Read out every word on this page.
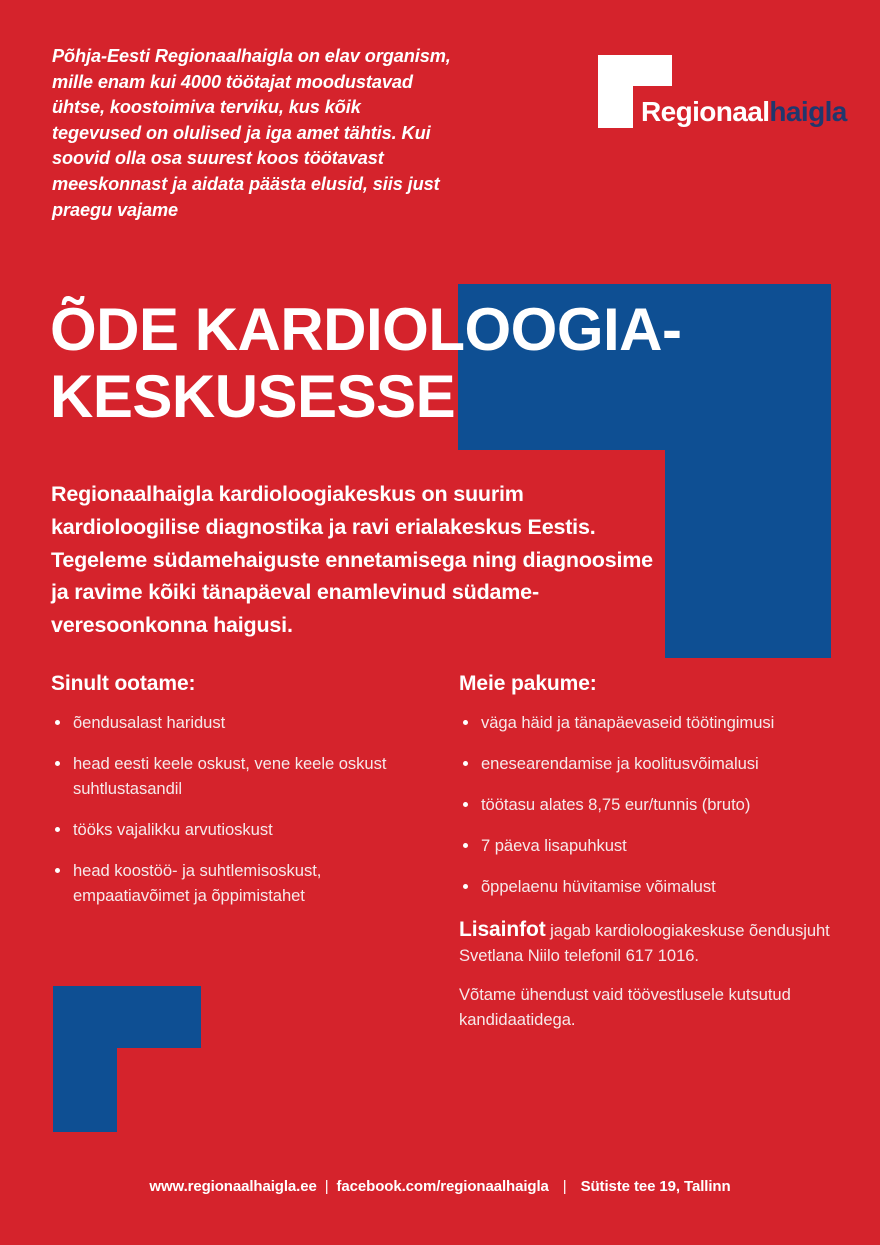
Põhja-Eesti Regionaalhaigla on elav organism, mille enam kui 4000 töötajat moodustavad ühtse, koostoimiva terviku, kus kõik tegevused on olulised ja iga amet tähtis. Kui soovid olla osa suurest koos töötavast meeskonnast ja aidata päästa elusid, siis just praegu vajame
Regionaalhaigla
ÕDE KARDIOLOOGIA-
KESKUSESSE
Regionaalhaigla kardioloogiakeskus on suurim kardioloogilise diagnostika ja ravi erialakeskus Eestis. Tegeleme südamehaiguste ennetamisega ning diagnoosime ja ravime kõiki tänapäeval enamlevinud südame-veresoonkonna haigusi.
Sinult ootame:
õendusalast haridust
head eesti keele oskust, vene keele oskust suhtlustasandil
tööks vajalikku arvutioskust
head koostöö- ja suhtlemisoskust, empaatiavõimet ja õppimistahet
Meie pakume:
väga häid ja tänapäevaseid töötingimusi
enesearendamise ja koolitusvõimalusi
töötasu alates 8,75 eur/tunnis (bruto)
7 päeva lisapuhkust
õppelaenu hüvitamise võimalust

Lisainfot jagab kardioloogiakeskuse õendusjuht Svetlana Niilo telefonil 617 1016.

Võtame ühendust vaid töövestlusele kutsutud kandidaatidega.

www.regionaalhaigla.ee | facebook.com/regionaalhaigla | Sütiste tee 19, Tallinn
